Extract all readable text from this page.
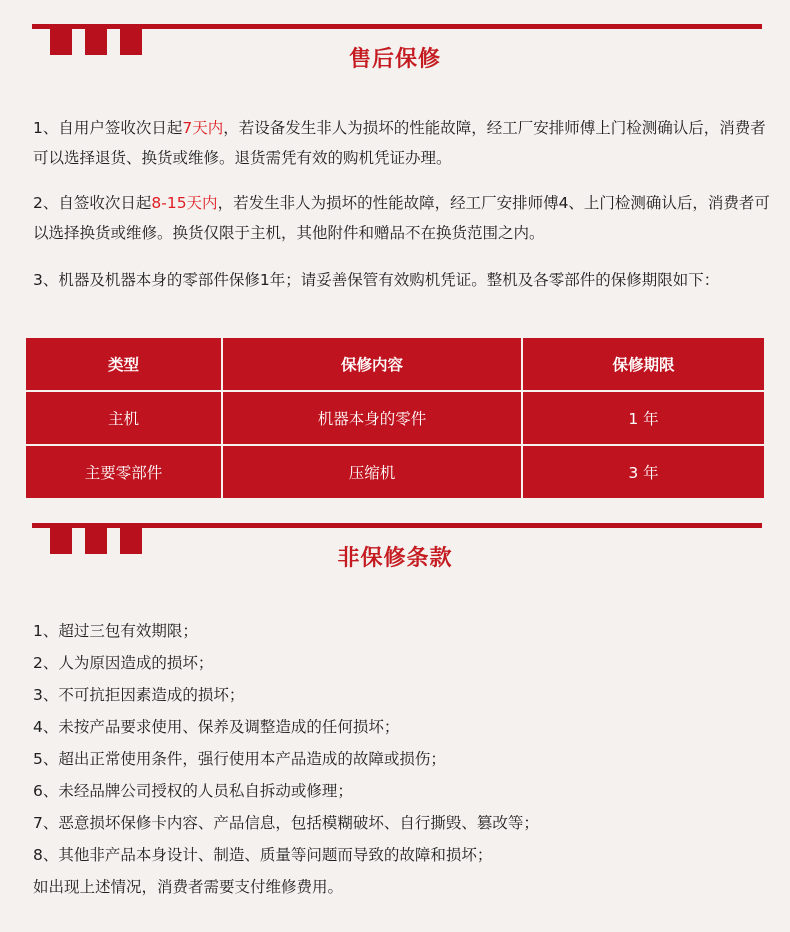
售后保修
1、自用户签收次日起7天内，若设备发生非人为损坏的性能故障，经工厂安排师傅上门检测确认后，消费者可以选择退货、换货或维修。退货需凭有效的购机凭证办理。
2、自签收次日起8-15天内，若发生非人为损坏的性能故障，经工厂安排师傅4、上门检测确认后，消费者可以选择换货或维修。换货仅限于主机，其他附件和赠品不在换货范围之内。
3、机器及机器本身的零部件保修1年；请妥善保管有效购机凭证。整机及各零部件的保修期限如下：
类型	保修内容	保修期限
主机	机器本身的零件	1 年
主要零部件	压缩机	3 年
非保修条款
1、超过三包有效期限；
2、人为原因造成的损坏；
3、不可抗拒因素造成的损坏；
4、未按产品要求使用、保养及调整造成的任何损坏；
5、超出正常使用条件，强行使用本产品造成的故障或损伤；
6、未经品牌公司授权的人员私自拆动或修理；
7、恶意损坏保修卡内容、产品信息，包括模糊破坏、自行撕毁、篡改等；
8、其他非产品本身设计、制造、质量等问题而导致的故障和损坏；
如出现上述情况，消费者需要支付维修费用。
